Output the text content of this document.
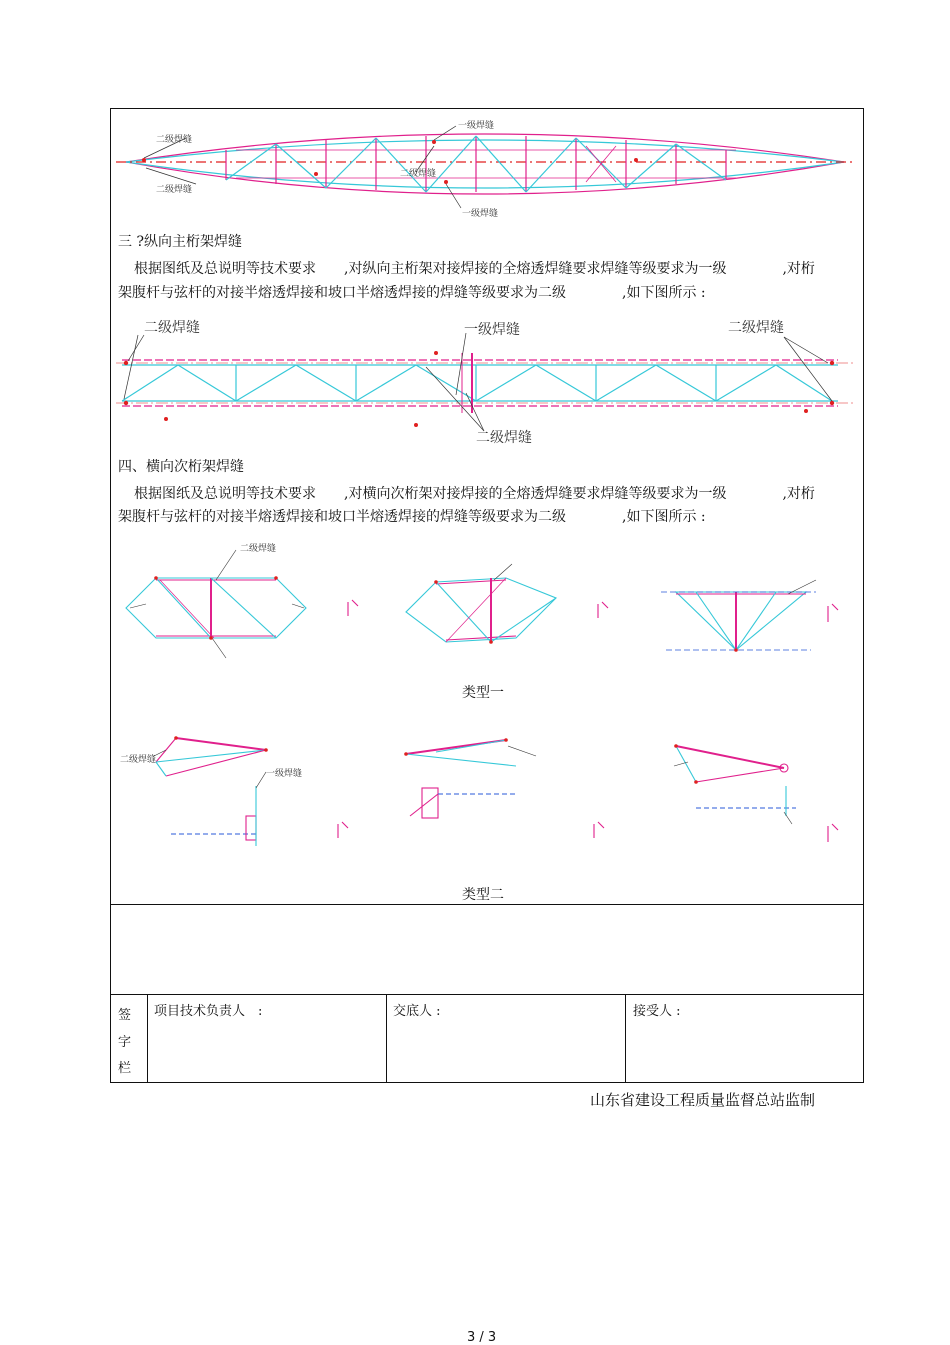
二级焊缝
一级焊缝
二级焊缝
二级焊缝
一级焊缝
三 ?纵向主桁架焊缝
根据图纸及总说明等技术要求　　,对纵向主桁架对接焊接的全熔透焊缝要求焊缝等级要求为一级　　　　,对桁
架腹杆与弦杆的对接半熔透焊接和坡口半熔透焊接的焊缝等级要求为二级　　　　,如下图所示 :
二级焊缝	一级焊缝	二级焊缝
二级焊缝
四、横向次桁架焊缝
根据图纸及总说明等技术要求　　,对横向次桁架对接焊接的全熔透焊缝要求焊缝等级要求为一级　　　　,对桁
架腹杆与弦杆的对接半熔透焊接和坡口半熔透焊接的焊缝等级要求为二级　　　　,如下图所示 :
二级焊缝
类型一
二级焊缝
一级焊缝
类型二
签
字
栏
项目技术负责人　:	交底人 :	接受人 :
山东省建设工程质量监督总站监制
3 / 3
